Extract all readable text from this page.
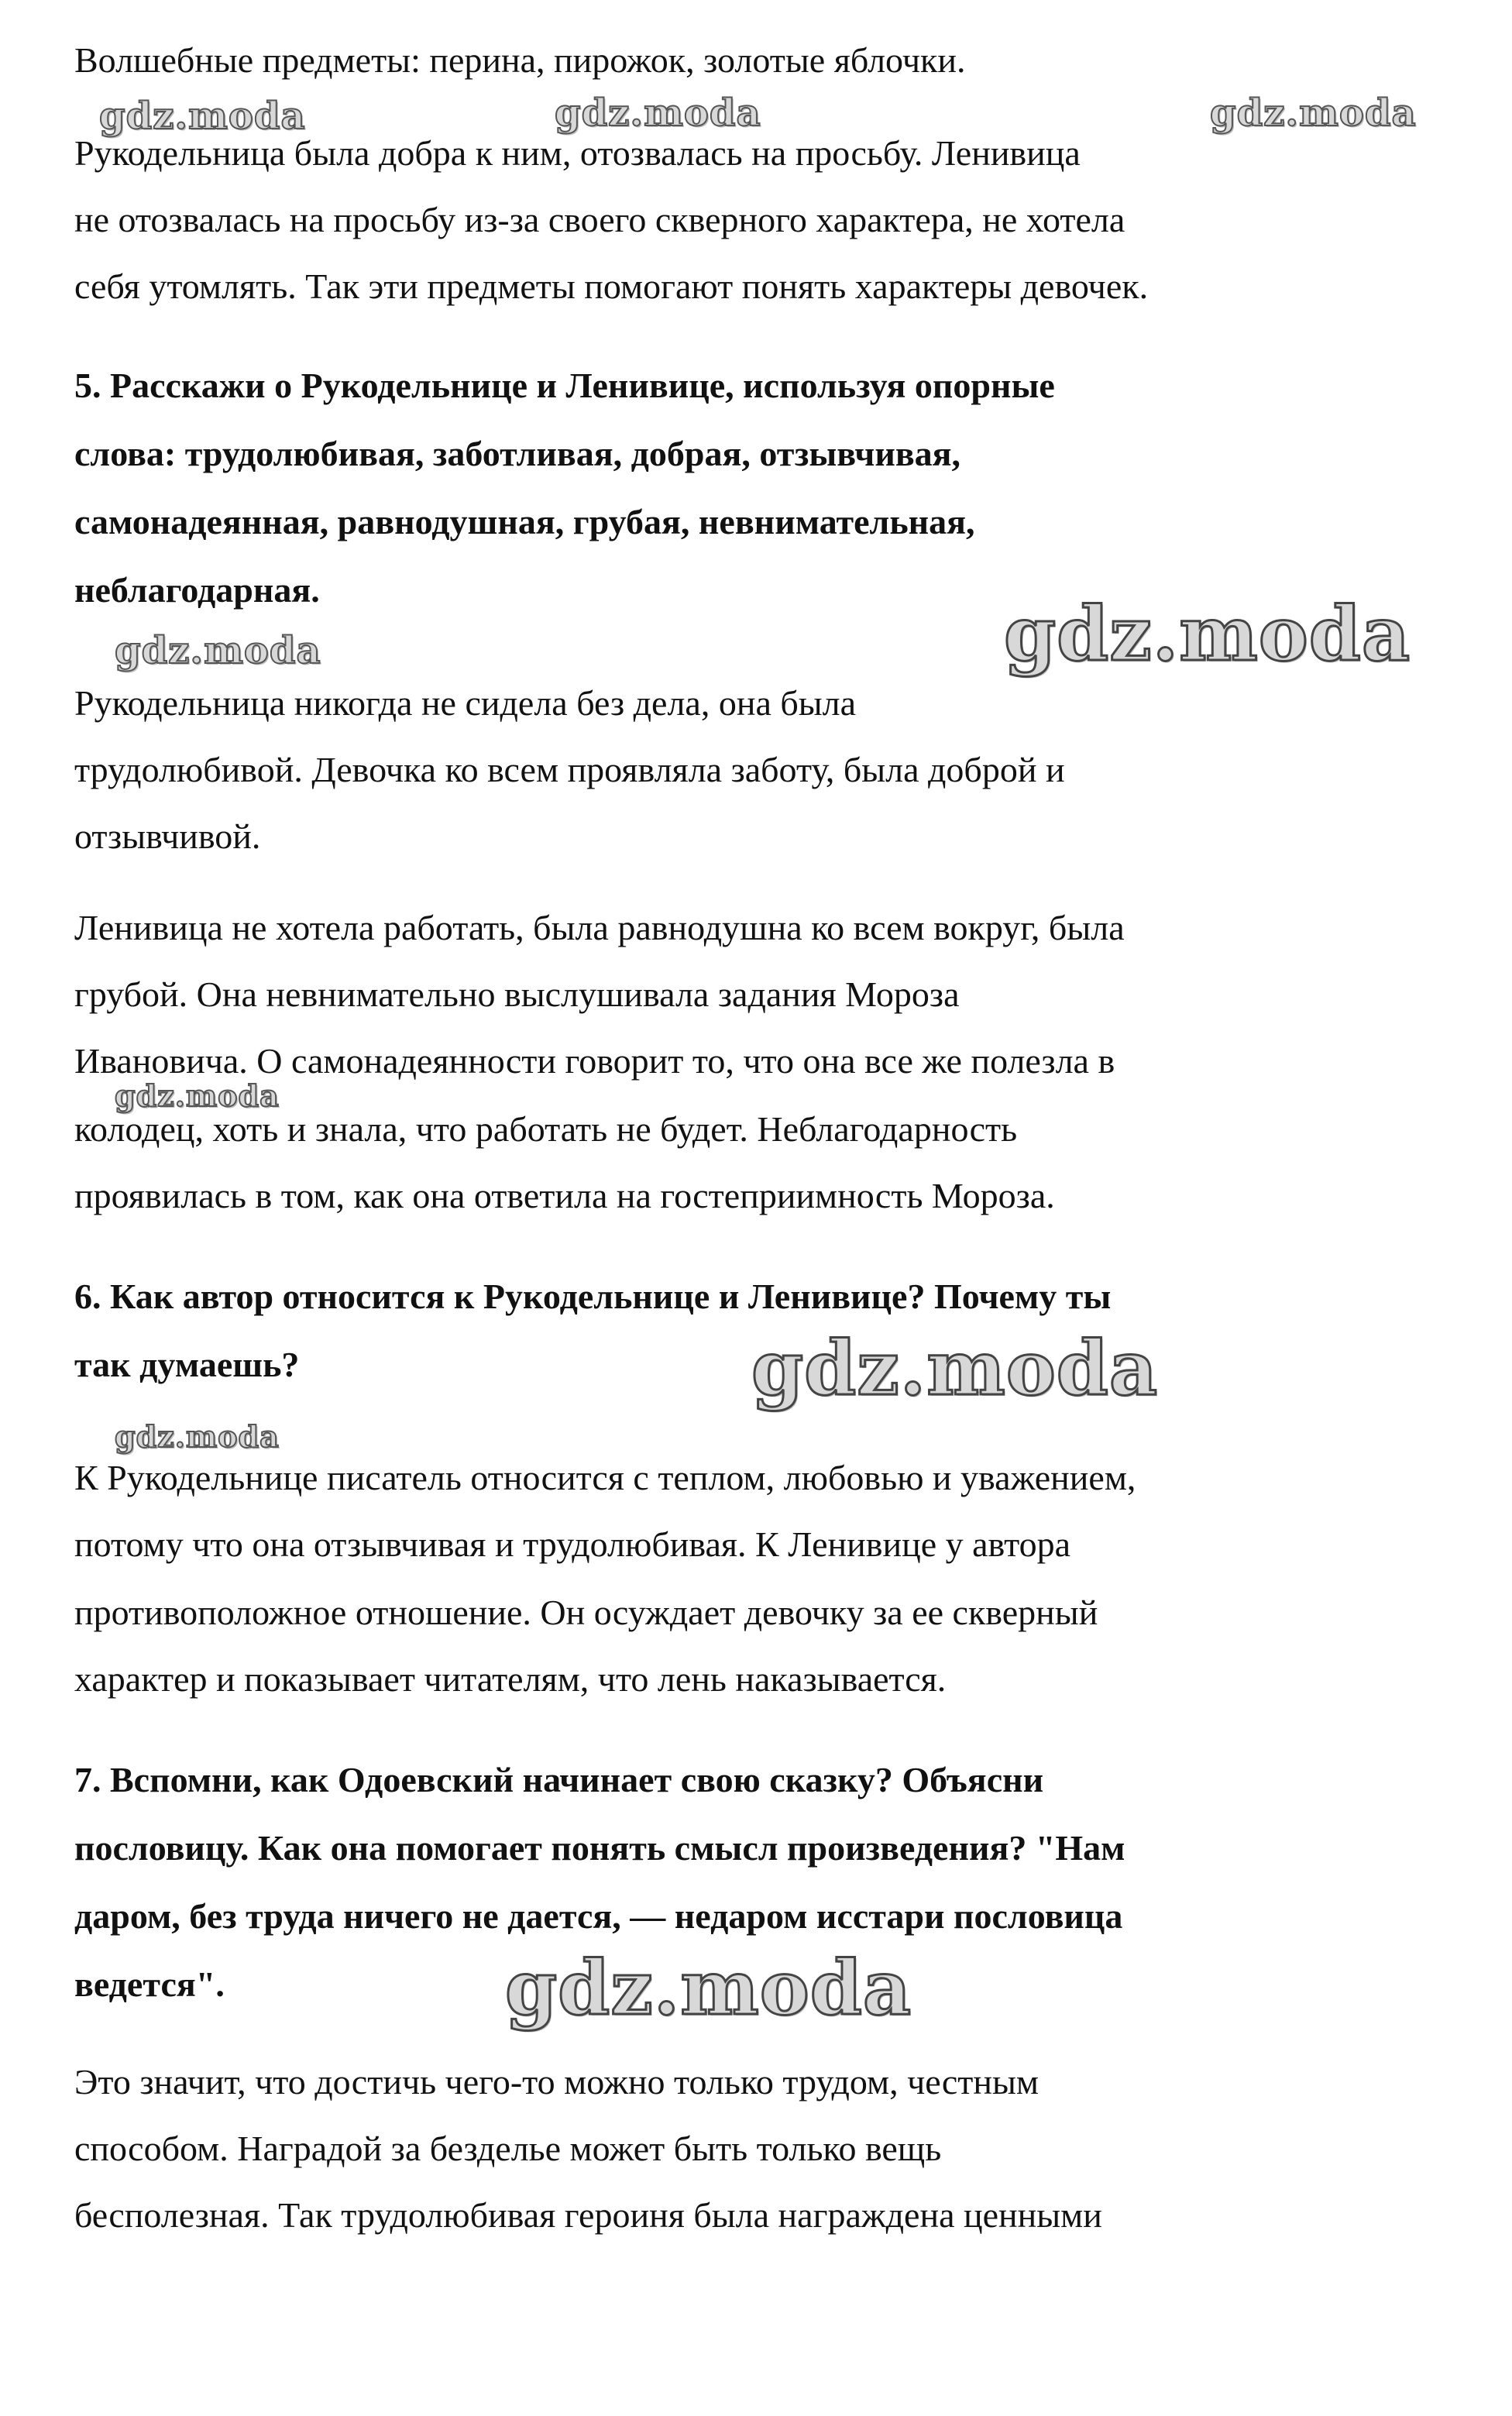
Волшебные предметы: перина, пирожок, золотые яблочки.
Рукодельница была добра к ним, отозвалась на просьбу. Ленивица
не отозвалась на просьбу из-за своего скверного характера, не хотела
себя утомлять. Так эти предметы помогают понять характеры девочек.
5. Расскажи о Рукодельнице и Ленивице, используя опорные
слова: трудолюбивая, заботливая, добрая, отзывчивая,
самонадеянная, равнодушная, грубая, невнимательная,
неблагодарная.
Рукодельница никогда не сидела без дела, она была
трудолюбивой. Девочка ко всем проявляла заботу, была доброй и
отзывчивой.
Ленивица не хотела работать, была равнодушна ко всем вокруг, была
грубой. Она невнимательно выслушивала задания Мороза
Ивановича. О самонадеянности говорит то, что она все же полезла в
колодец, хоть и знала, что работать не будет. Неблагодарность
проявилась в том, как она ответила на гостеприимность Мороза.
6. Как автор относится к Рукодельнице и Ленивице? Почему ты
так думаешь?
К Рукодельнице писатель относится с теплом, любовью и уважением,
потому что она отзывчивая и трудолюбивая. К Ленивице у автора
противоположное отношение. Он осуждает девочку за ее скверный
характер и показывает читателям, что лень наказывается.
7. Вспомни, как Одоевский начинает свою сказку? Объясни
пословицу. Как она помогает понять смысл произведения? "Нам
даром, без труда ничего не дается, — недаром исстари пословица
ведется".
Это значит, что достичь чего-то можно только трудом, честным
способом. Наградой за безделье может быть только вещь
бесполезная. Так трудолюбивая героиня была награждена ценными
gdz.moda	gdz.moda	gdz.moda
gdz.moda	gdz.moda
gdz.moda
gdz.moda
gdz.moda
gdz.moda
